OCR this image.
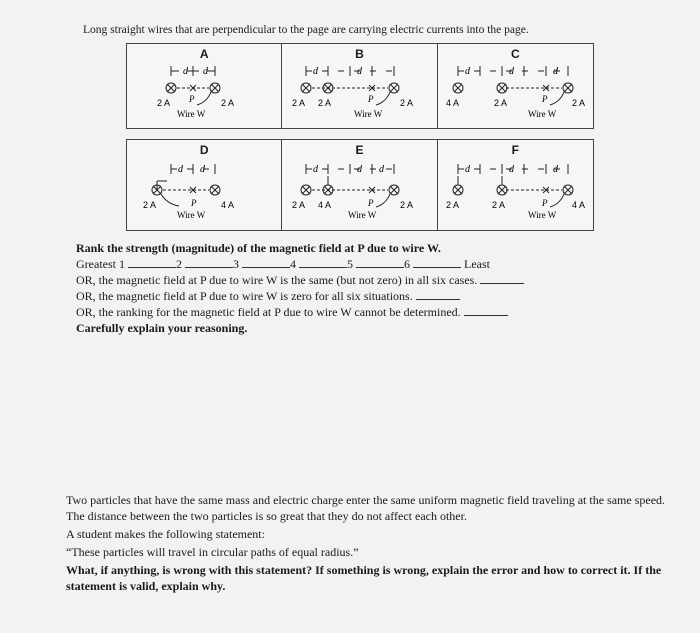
Long straight wires that are perpendicular to the page are carrying electric currents into the page.
A
d d
2 A P	2 A
Wire W
B
d	d
2 A 2 A	P	2 A
Wire W
C
d	d	d
4 A	2 A	P	2 A
Wire W
D
d d
2 A	P	4 A
Wire W
E
d	d d
2 A 4 A	P	2 A
Wire W
F
d	d	d
2 A	2 A	P	4 A
Wire W
Rank the strength (magnitude) of the magnetic field at P due to wire W.
Greatest 1	2	3	4	5	6	Least
OR, the magnetic field at P due to wire W is the same (but not zero) in all six cases.
OR, the magnetic field at P due to wire W is zero for all six situations.
OR, the ranking for the magnetic field at P due to wire W cannot be determined.
Carefully explain your reasoning.
Two particles that have the same mass and electric charge enter the same uniform magnetic field traveling at the same speed. The distance between the two particles is so great that they do not affect each other.
A student makes the following statement:
“These particles will travel in circular paths of equal radius.”
What, if anything, is wrong with this statement? If something is wrong, explain the error and how to correct it. If the statement is valid, explain why.
